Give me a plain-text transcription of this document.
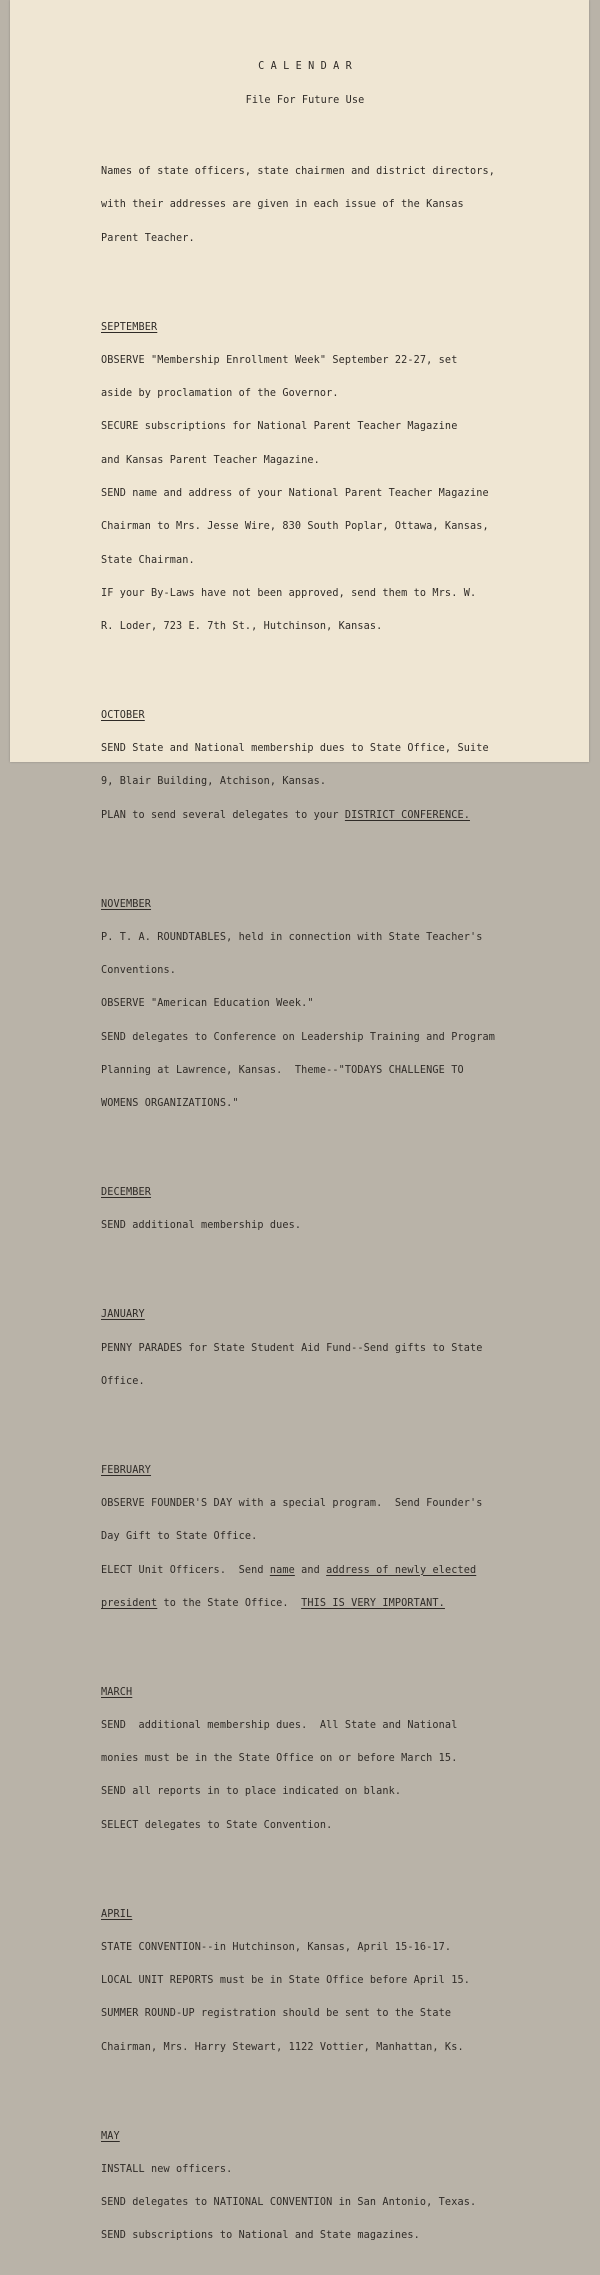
C A L E N D A R

File For Future Use

Names of state officers, state chairmen and district directors,

with their addresses are given in each issue of the Kansas

Parent Teacher.

SEPTEMBER

OBSERVE "Membership Enrollment Week" September 22-27, set

aside by proclamation of the Governor.

SECURE subscriptions for National Parent Teacher Magazine

and Kansas Parent Teacher Magazine.

SEND name and address of your National Parent Teacher Magazine

Chairman to Mrs. Jesse Wire, 830 South Poplar, Ottawa, Kansas,

State Chairman.

IF your By-Laws have not been approved, send them to Mrs. W.

R. Loder, 723 E. 7th St., Hutchinson, Kansas.

OCTOBER

SEND State and National membership dues to State Office, Suite

9, Blair Building, Atchison, Kansas.

PLAN to send several delegates to your DISTRICT CONFERENCE.

NOVEMBER

P. T. A. ROUNDTABLES, held in connection with State Teacher's

Conventions.

OBSERVE "American Education Week."

SEND delegates to Conference on Leadership Training and Program

Planning at Lawrence, Kansas.  Theme--"TODAYS CHALLENGE TO

WOMENS ORGANIZATIONS."

DECEMBER

SEND additional membership dues.

JANUARY

PENNY PARADES for State Student Aid Fund--Send gifts to State

Office.

FEBRUARY

OBSERVE FOUNDER'S DAY with a special program.  Send Founder's

Day Gift to State Office.

ELECT Unit Officers.  Send name and address of newly elected

president to the State Office.  THIS IS VERY IMPORTANT.

MARCH

SEND  additional membership dues.  All State and National

monies must be in the State Office on or before March 15.

SEND all reports in to place indicated on blank.

SELECT delegates to State Convention.

APRIL

STATE CONVENTION--in Hutchinson, Kansas, April 15-16-17.

LOCAL UNIT REPORTS must be in State Office before April 15.

SUMMER ROUND-UP registration should be sent to the State

Chairman, Mrs. Harry Stewart, 1122 Vottier, Manhattan, Ks.

MAY

INSTALL new officers.

SEND delegates to NATIONAL CONVENTION in San Antonio, Texas.

SEND subscriptions to National and State magazines.
